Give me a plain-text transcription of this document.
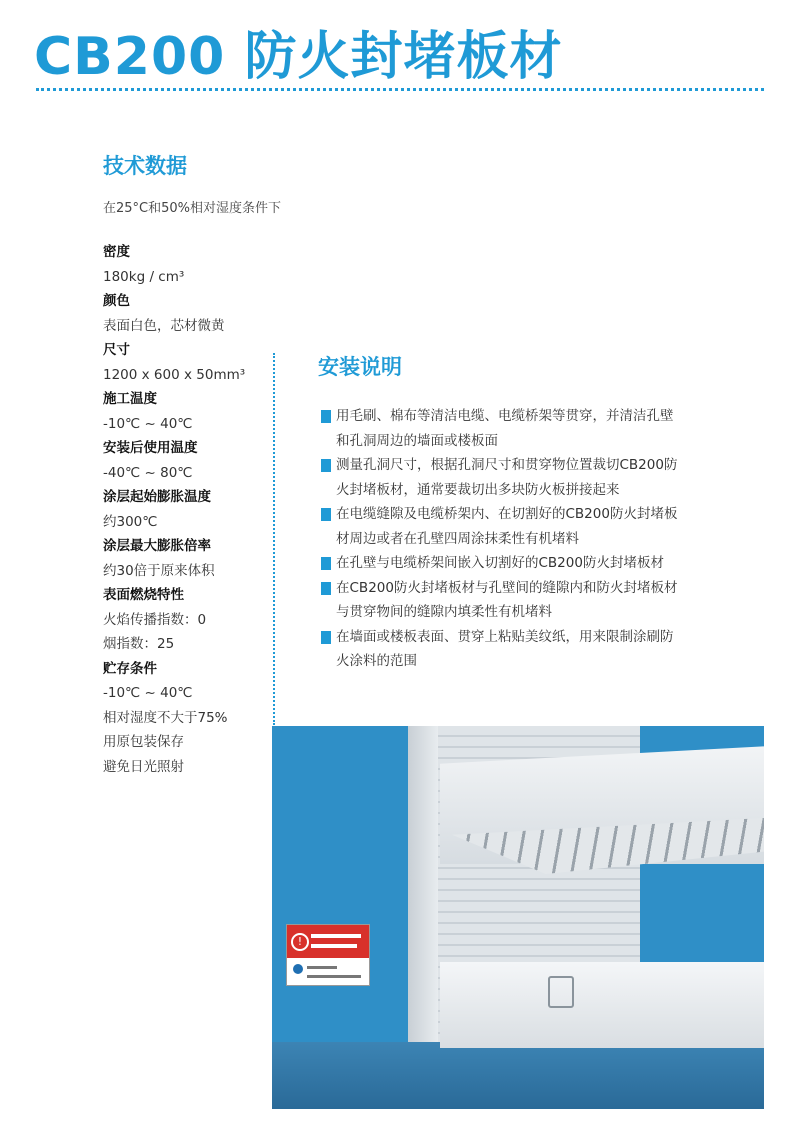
CB200 防火封堵板材
技术数据
在25°C和50%相对湿度条件下
密度
180kg / cm³
颜色
表面白色，芯材微黄
尺寸
1200 x 600 x 50mm³
施工温度
-10℃ ~ 40℃
安装后使用温度
-40℃ ~ 80℃
涂层起始膨胀温度
约300℃
涂层最大膨胀倍率
约30倍于原来体积
表面燃烧特性
火焰传播指数：0
烟指数：25
贮存条件
-10℃ ~ 40℃
相对湿度不大于75%
用原包装保存
避免日光照射
安装说明
用毛刷、棉布等清洁电缆、电缆桥架等贯穿，并清洁孔壁
和孔洞周边的墙面或楼板面
测量孔洞尺寸，根据孔洞尺寸和贯穿物位置裁切CB200防
火封堵板材，通常要裁切出多块防火板拼接起来
在电缆缝隙及电缆桥架内、在切割好的CB200防火封堵板
材周边或者在孔壁四周涂抹柔性有机堵料
在孔壁与电缆桥架间嵌入切割好的CB200防火封堵板材
在CB200防火封堵板材与孔壁间的缝隙内和防火封堵板材
与贯穿物间的缝隙内填柔性有机堵料
在墙面或楼板表面、贯穿上粘贴美纹纸，用来限制涂刷防
火涂料的范围
!
